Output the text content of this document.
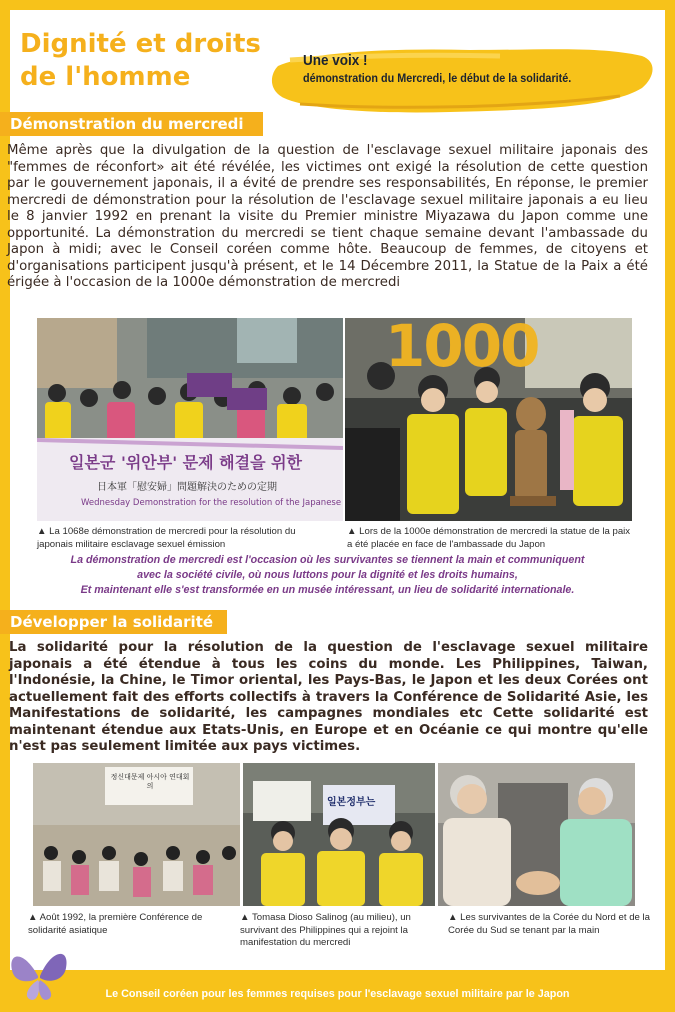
Dignité et droits
de l'homme
Une voix !
démonstration du Mercredi, le début de la solidarité.
Démonstration du mercredi

Même après que la divulgation de la question de l'esclavage sexuel militaire japonais des "femmes de réconfort» ait été révélée, les victimes ont exigé la résolution de cette question par le gouvernement japonais, il a évité de prendre ses responsabilités, En réponse, le premier mercredi de démonstration pour la résolution de l'esclavage sexuel militaire japonais a eu lieu le 8 janvier 1992 en prenant la visite du Premier ministre Miyazawa du Japon comme une opportunité. La démonstration du mercredi se tient chaque semaine devant l'ambassade du Japon à midi; avec le Conseil coréen comme hôte. Beaucoup de femmes, de citoyens et d'organisations participent jusqu'à présent, et le 14 Décembre 2011, la Statue de la Paix a été érigée à l'occasion de la 1000e démonstration de mercredi

일본군 '위안부' 문제 해결을 위한
日本軍「慰安婦」問題解決のための定期
Wednesday Demonstration for the resolution of the Japanese

▲ La 1068e démonstration de mercredi pour la résolution du japonais militaire esclavage sexuel émission

1000

▲ Lors de la 1000e démonstration de mercredi la statue de la paix a été placée en face de l'ambassade du Japon

La démonstration de mercredi est l'occasion où les survivantes se tiennent la main et communiquent
avec la société civile, où nous luttons pour la dignité et les droits humains,
Et maintenant elle s'est transformée en un musée intéressant, un lieu de solidarité internationale.

Développer la solidarité

La solidarité pour la résolution de la question de l'esclavage sexuel militaire japonais a été étendue à tous les coins du monde. Les Philippines, Taiwan, l'Indonésie, la Chine, le Timor oriental, les Pays-Bas, le Japon et les deux Corées ont actuellement fait des efforts collectifs à travers la Conférence de Solidarité Asie, les Manifestations de solidarité, les campagnes mondiales etc Cette solidarité est maintenant étendue aux Etats-Unis, en Europe et en Océanie ce qui montre qu'elle n'est pas seulement limitée aux pays victimes.

정신대문제 아시아 연대회의

▲ Août 1992, la première Conférence de solidarité asiatique

일본정부는

▲ Tomasa Dioso Salinog (au milieu), un survivant des Philippines qui a rejoint la manifestation du mercredi

▲ Les survivantes de la Corée du Nord et de la Corée du Sud se tenant par la main

Le Conseil coréen pour les femmes requises pour l'esclavage sexuel militaire par le Japon
